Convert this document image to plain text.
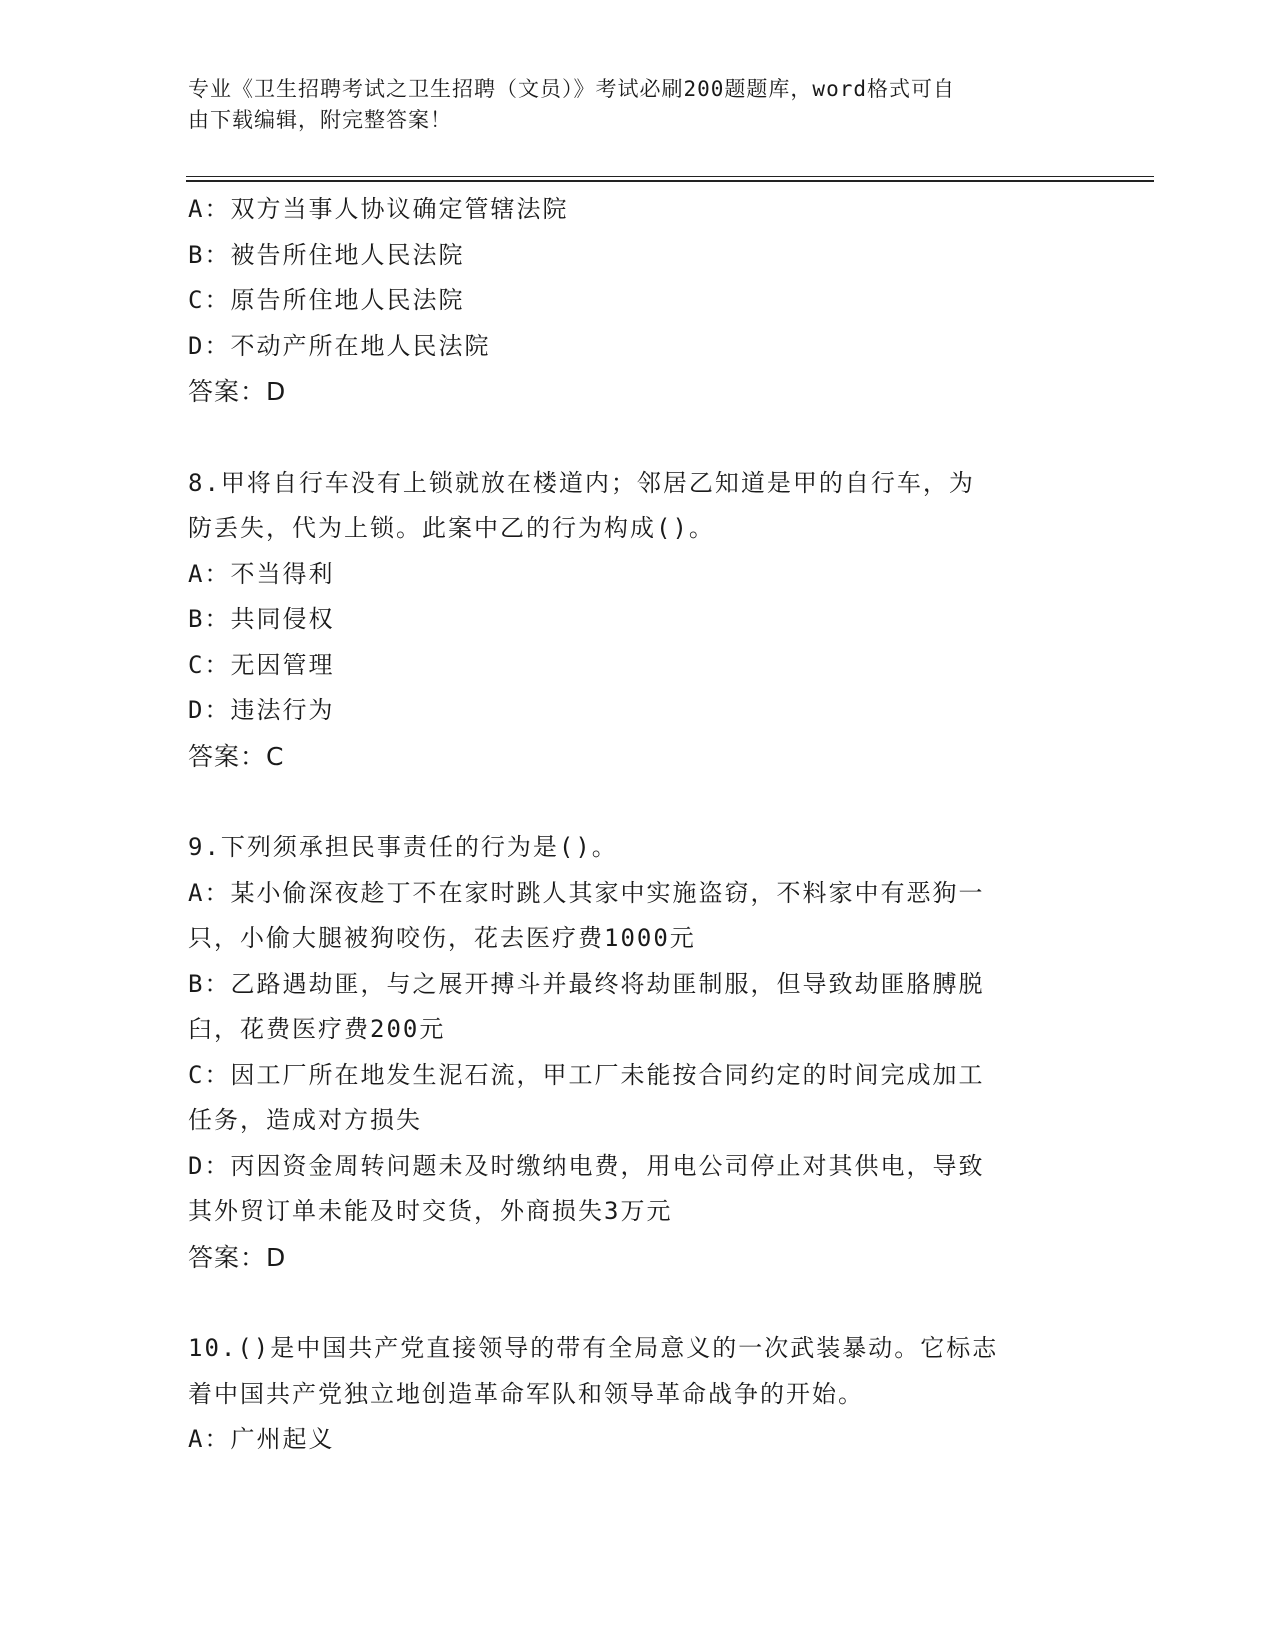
专业《卫生招聘考试之卫生招聘（文员）》考试必刷200题题库，word格式可自
由下载编辑，附完整答案！
A：双方当事人协议确定管辖法院
B：被告所住地人民法院
C：原告所住地人民法院
D：不动产所在地人民法院
答案：D
8.甲将自行车没有上锁就放在楼道内；邻居乙知道是甲的自行车，为
防丢失，代为上锁。此案中乙的行为构成()。
A：不当得利
B：共同侵权
C：无因管理
D：违法行为
答案：C
9.下列须承担民事责任的行为是()。
A：某小偷深夜趁丁不在家时跳人其家中实施盗窃，不料家中有恶狗一
只，小偷大腿被狗咬伤，花去医疗费1000元
B：乙路遇劫匪，与之展开搏斗并最终将劫匪制服，但导致劫匪胳膊脱
臼，花费医疗费200元
C：因工厂所在地发生泥石流，甲工厂未能按合同约定的时间完成加工
任务，造成对方损失
D：丙因资金周转问题未及时缴纳电费，用电公司停止对其供电，导致
其外贸订单未能及时交货，外商损失3万元
答案：D
10.()是中国共产党直接领导的带有全局意义的一次武装暴动。它标志
着中国共产党独立地创造革命军队和领导革命战争的开始。
A：广州起义
